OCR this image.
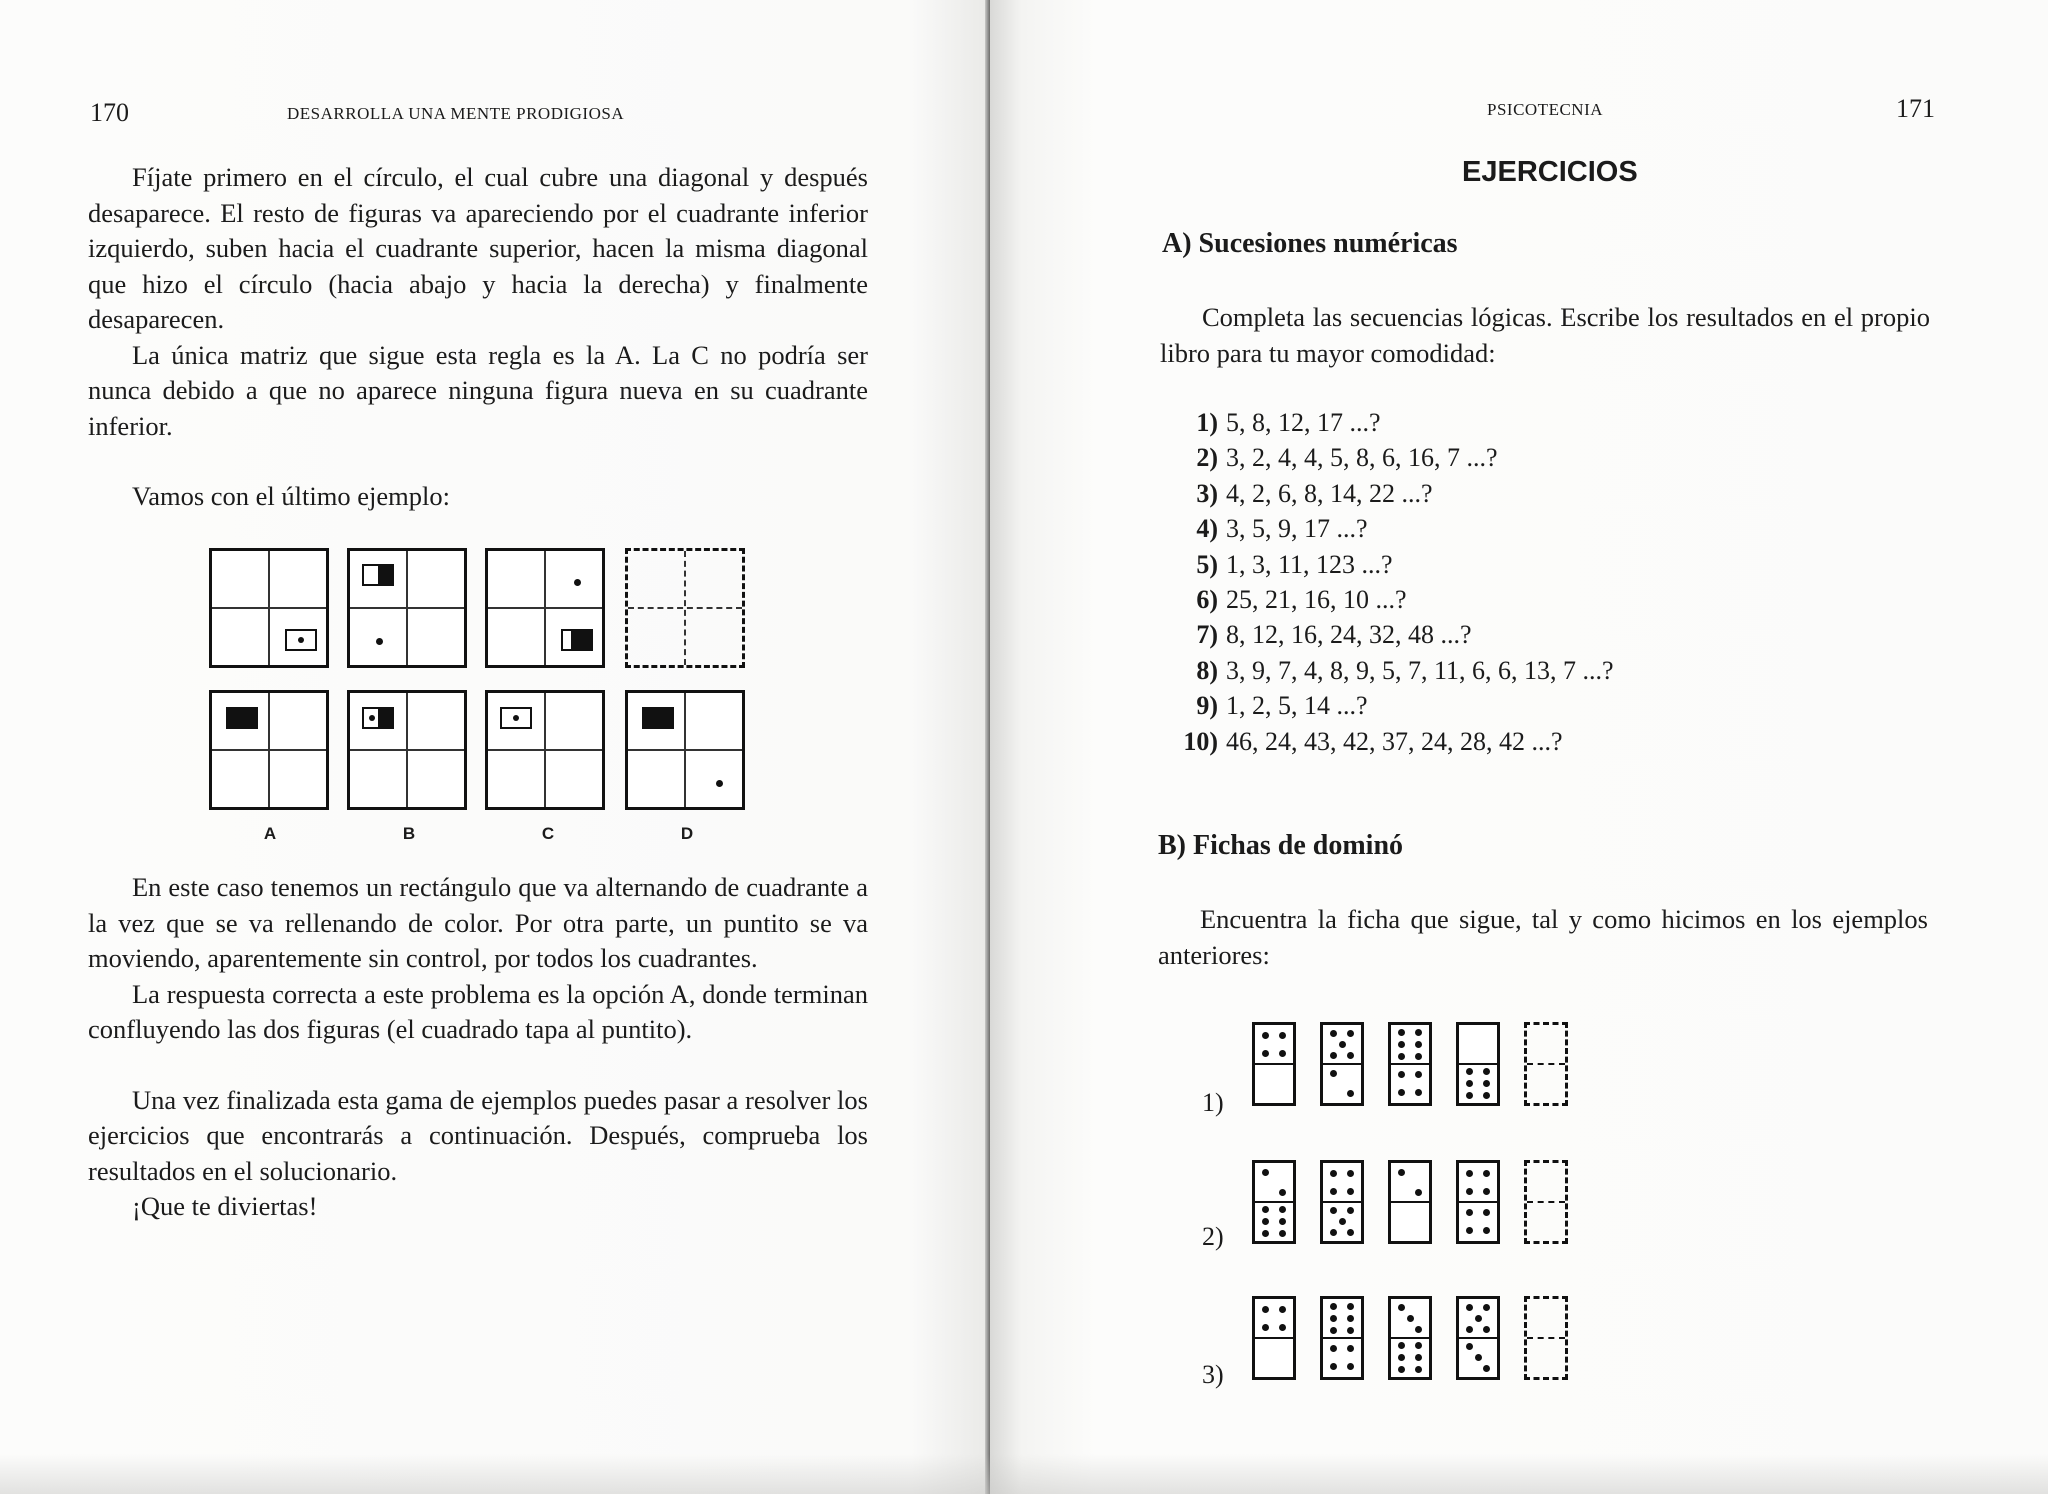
170	DESARROLLA UNA MENTE PRODIGIOSA

Fíjate primero en el círculo, el cual cubre una diagonal y después desaparece. El resto de figuras va apareciendo por el cuadrante inferior izquierdo, suben hacia el cuadrante superior, hacen la misma diagonal que hizo el círculo (hacia abajo y hacia la derecha) y finalmente desaparecen.

La única matriz que sigue esta regla es la A. La C no podría ser nunca debido a que no aparece ninguna figura nueva en su cuadrante inferior.

Vamos con el último ejemplo:

A	B	C	D

En este caso tenemos un rectángulo que va alternando de cuadrante a la vez que se va rellenando de color. Por otra parte, un puntito se va moviendo, aparentemente sin control, por todos los cuadrantes.

La respuesta correcta a este problema es la opción A, donde terminan confluyendo las dos figuras (el cuadrado tapa al puntito).

Una vez finalizada esta gama de ejemplos puedes pasar a resolver los ejercicios que encontrarás a continuación. Después, comprueba los resultados en el solucionario.

¡Que te diviertas!

PSICOTECNIA	171
EJERCICIOS
A) Sucesiones numéricas

Completa las secuencias lógicas. Escribe los resultados en el propio libro para tu mayor comodidad:

1) 5, 8, 12, 17 ...?
2) 3, 2, 4, 4, 5, 8, 6, 16, 7 ...?
3) 4, 2, 6, 8, 14, 22 ...?
4) 3, 5, 9, 17 ...?
5) 1, 3, 11, 123 ...?
6) 25, 21, 16, 10 ...?
7) 8, 12, 16, 24, 32, 48 ...?
8) 3, 9, 7, 4, 8, 9, 5, 7, 11, 6, 6, 13, 7 ...?
9) 1, 2, 5, 14 ...?
10) 46, 24, 43, 42, 37, 24, 28, 42 ...?
B) Fichas de dominó

Encuentra la ficha que sigue, tal y como hicimos en los ejemplos anteriores:

1)
2)
3)
